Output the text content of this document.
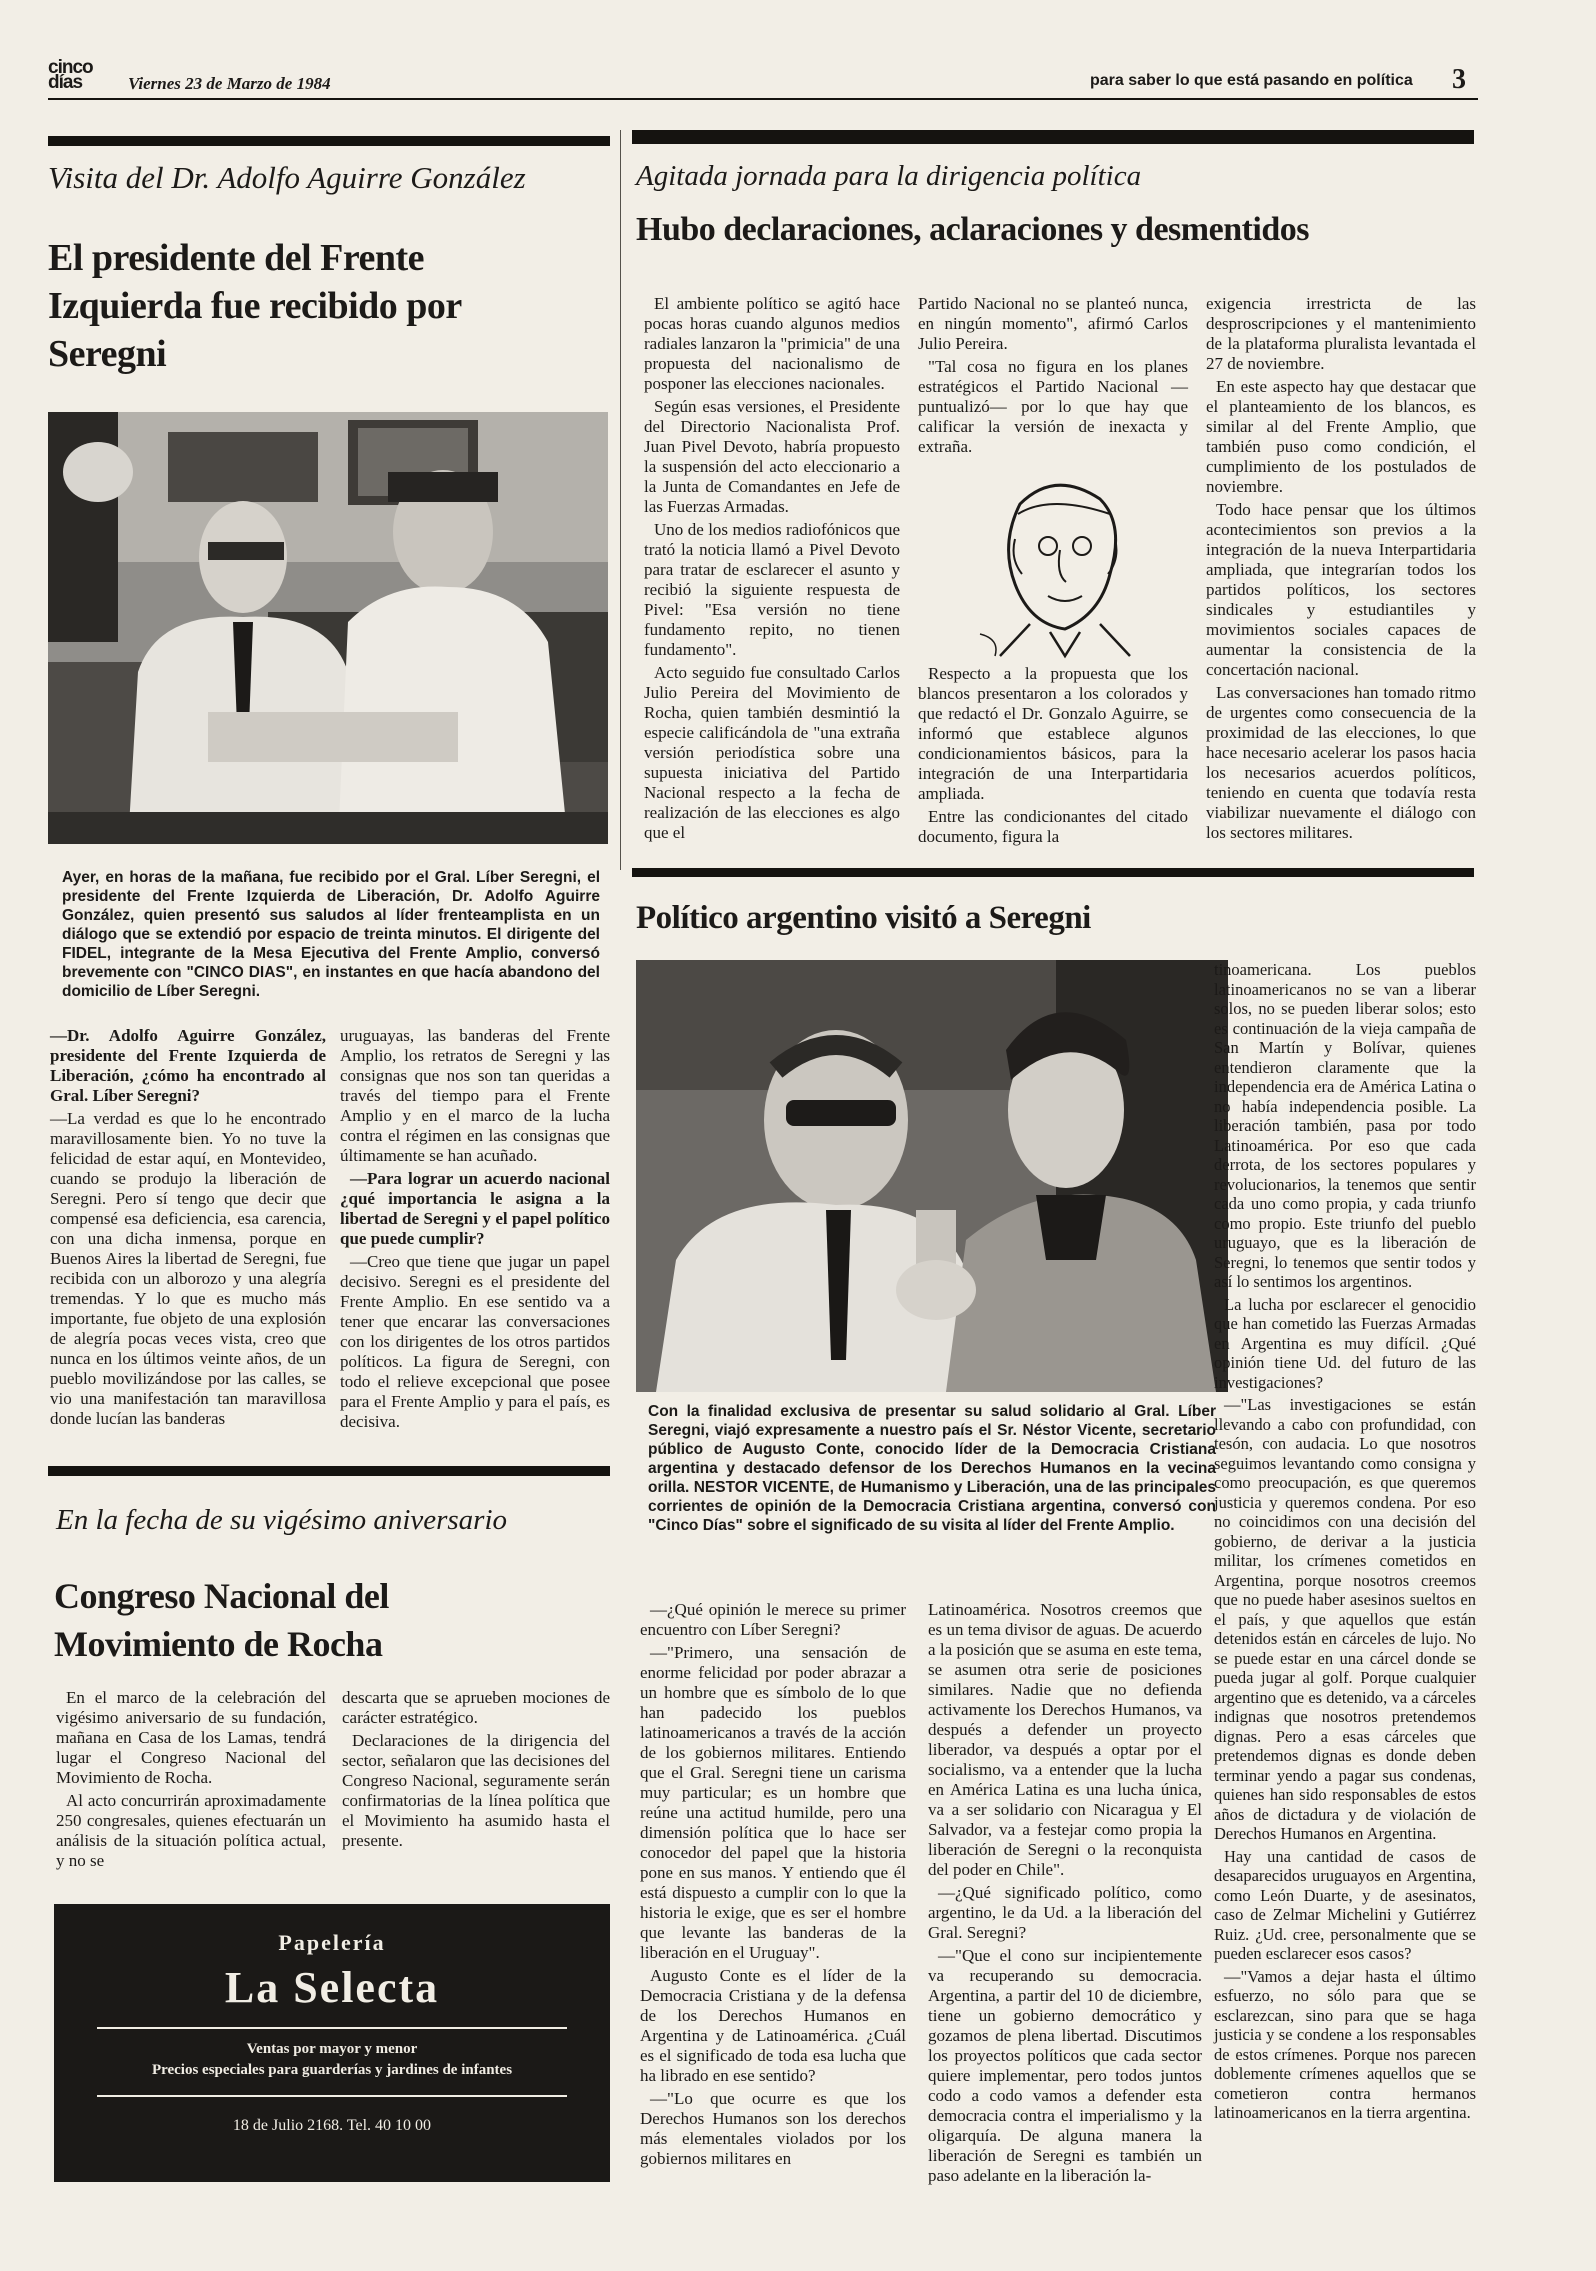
cinco
días	Viernes 23 de Marzo de 1984	para saber lo que está pasando en política 3
Visita del Dr. Adolfo Aguirre González
El presidente del Frente Izquierda fue recibido por Seregni
Ayer, en horas de la mañana, fue recibido por el Gral. Líber Seregni, el presidente del Frente Izquierda de Liberación, Dr. Adolfo Aguirre González, quien presentó sus saludos al líder frenteamplista en un diálogo que se extendió por espacio de treinta minutos. El dirigente del FIDEL, integrante de la Mesa Ejecutiva del Frente Amplio, conversó brevemente con "CINCO DIAS", en instantes en que hacía abandono del domicilio de Líber Seregni.

—Dr. Adolfo Aguirre González, presidente del Frente Izquierda de Liberación, ¿cómo ha encontrado al Gral. Líber Seregni?

—La verdad es que lo he encontrado maravillosamente bien. Yo no tuve la felicidad de estar aquí, en Montevideo, cuando se produjo la liberación de Seregni. Pero sí tengo que decir que compensé esa deficiencia, esa carencia, con una dicha inmensa, porque en Buenos Aires la libertad de Seregni, fue recibida con un alborozo y una alegría tremendas. Y lo que es mucho más importante, fue objeto de una explosión de alegría pocas veces vista, creo que nunca en los últimos veinte años, de un pueblo movilizándose por las calles, se vio una manifestación tan maravillosa donde lucían las banderas

uruguayas, las banderas del Frente Amplio, los retratos de Seregni y las consignas que nos son tan queridas a través del tiempo para el Frente Amplio y en el marco de la lucha contra el régimen en las consignas que últimamente se han acuñado.

—Para lograr un acuerdo nacional ¿qué importancia le asigna a la libertad de Seregni y el papel político que puede cumplir?

—Creo que tiene que jugar un papel decisivo. Seregni es el presidente del Frente Amplio. En ese sentido va a tener que encarar las conversaciones con los dirigentes de los otros partidos políticos. La figura de Seregni, con todo el relieve excepcional que posee para el Frente Amplio y para el país, es decisiva.

En la fecha de su vigésimo aniversario
Congreso Nacional del Movimiento de Rocha

En el marco de la celebración del vigésimo aniversario de su fundación, mañana en Casa de los Lamas, tendrá lugar el Congreso Nacional del Movimiento de Rocha.

Al acto concurrirán aproximadamente 250 congresales, quienes efectuarán un análisis de la situación política actual, y no se

descarta que se aprueben mociones de carácter estratégico.

Declaraciones de la dirigencia del sector, señalaron que las decisiones del Congreso Nacional, seguramente serán confirmatorias de la línea política que el Movimiento ha asumido hasta el presente.

Papelería
La Selecta
Ventas por mayor y menor
Precios especiales para guarderías y jardines de infantes
18 de Julio 2168. Tel. 40 10 00
Agitada jornada para la dirigencia política
Hubo declaraciones, aclaraciones y desmentidos

El ambiente político se agitó hace pocas horas cuando algunos medios radiales lanzaron la "primicia" de una propuesta del nacionalismo de posponer las elecciones nacionales.

Según esas versiones, el Presidente del Directorio Nacionalista Prof. Juan Pivel Devoto, habría propuesto la suspensión del acto eleccionario a la Junta de Comandantes en Jefe de las Fuerzas Armadas.

Uno de los medios radiofónicos que trató la noticia llamó a Pivel Devoto para tratar de esclarecer el asunto y recibió la siguiente respuesta de Pivel: "Esa versión no tiene fundamento repito, no tienen fundamento".

Acto seguido fue consultado Carlos Julio Pereira del Movimiento de Rocha, quien también desmintió la especie calificándola de "una extraña versión periodística sobre una supuesta iniciativa del Partido Nacional respecto a la fecha de realización de las elecciones es algo que el

Partido Nacional no se planteó nunca, en ningún momento", afirmó Carlos Julio Pereira.

"Tal cosa no figura en los planes estratégicos el Partido Nacional —puntualizó— por lo que hay que calificar la versión de inexacta y extraña.

Respecto a la propuesta que los blancos presentaron a los colorados y que redactó el Dr. Gonzalo Aguirre, se informó que establece algunos condicionamientos básicos, para la integración de una Interpartidaria ampliada.

Entre las condicionantes del citado documento, figura la

exigencia irrestricta de las desproscripciones y el mantenimiento de la plataforma pluralista levantada el 27 de noviembre.

En este aspecto hay que destacar que el planteamiento de los blancos, es similar al del Frente Amplio, que también puso como condición, el cumplimiento de los postulados de noviembre.

Todo hace pensar que los últimos acontecimientos son previos a la integración de la nueva Interpartidaria ampliada, que integrarían todos los partidos políticos, los sectores sindicales y estudiantiles y movimientos sociales capaces de aumentar la consistencia de la concertación nacional.

Las conversaciones han tomado ritmo de urgentes como consecuencia de la proximidad de las elecciones, lo que hace necesario acelerar los pasos hacia los necesarios acuerdos políticos, teniendo en cuenta que todavía resta viabilizar nuevamente el diálogo con los sectores militares.

Político argentino visitó a Seregni
Con la finalidad exclusiva de presentar su salud solidario al Gral. Líber Seregni, viajó expresamente a nuestro país el Sr. Néstor Vicente, secretario público de Augusto Conte, conocido líder de la Democracia Cristiana argentina y destacado defensor de los Derechos Humanos en la vecina orilla. NESTOR VICENTE, de Humanismo y Liberación, una de las principales corrientes de opinión de la Democracia Cristiana argentina, conversó con "Cinco Días" sobre el significado de su visita al líder del Frente Amplio.

—¿Qué opinión le merece su primer encuentro con Líber Seregni?

—"Primero, una sensación de enorme felicidad por poder abrazar a un hombre que es símbolo de lo que han padecido los pueblos latinoamericanos a través de la acción de los gobiernos militares. Entiendo que el Gral. Seregni tiene un carisma muy particular; es un hombre que reúne una actitud humilde, pero una dimensión política que lo hace ser conocedor del papel que la historia pone en sus manos. Y entiendo que él está dispuesto a cumplir con lo que la historia le exige, que es ser el hombre que levante las banderas de la liberación en el Uruguay".

Augusto Conte es el líder de la Democracia Cristiana y de la defensa de los Derechos Humanos en Argentina y de Latinoamérica. ¿Cuál es el significado de toda esa lucha que ha librado en ese sentido?

—"Lo que ocurre es que los Derechos Humanos son los derechos más elementales violados por los gobiernos militares en

Latinoamérica. Nosotros creemos que es un tema divisor de aguas. De acuerdo a la posición que se asuma en este tema, se asumen otra serie de posiciones similares. Nadie que no defienda activamente los Derechos Humanos, va después a defender un proyecto liberador, va después a optar por el socialismo, va a entender que la lucha en América Latina es una lucha única, va a ser solidario con Nicaragua y El Salvador, va a festejar como propia la liberación de Seregni o la reconquista del poder en Chile".

—¿Qué significado político, como argentino, le da Ud. a la liberación del Gral. Seregni?

—"Que el cono sur incipientemente va recuperando su democracia. Argentina, a partir del 10 de diciembre, tiene un gobierno democrático y gozamos de plena libertad. Discutimos los proyectos políticos que cada sector quiere implementar, pero todos juntos codo a codo vamos a defender esta democracia contra el imperialismo y la oligarquía. De alguna manera la liberación de Seregni es también un paso adelante en la liberación la-

tinoamericana. Los pueblos latinoamericanos no se van a liberar solos, no se pueden liberar solos; esto es continuación de la vieja campaña de San Martín y Bolívar, quienes entendieron claramente que la independencia era de América Latina o no había independencia posible. La liberación también, pasa por todo Latinoamérica. Por eso que cada derrota, de los sectores populares y revolucionarios, la tenemos que sentir cada uno como propia, y cada triunfo como propio. Este triunfo del pueblo uruguayo, que es la liberación de Seregni, lo tenemos que sentir todos y así lo sentimos los argentinos.

La lucha por esclarecer el genocidio que han cometido las Fuerzas Armadas en Argentina es muy difícil. ¿Qué opinión tiene Ud. del futuro de las investigaciones?

—"Las investigaciones se están llevando a cabo con profundidad, con tesón, con audacia. Lo que nosotros seguimos levantando como consigna y como preocupación, es que queremos justicia y queremos condena. Por eso no coincidimos con una decisión del gobierno, de derivar a la justicia militar, los crímenes cometidos en Argentina, porque nosotros creemos que no puede haber asesinos sueltos en el país, y que aquellos que están detenidos están en cárceles de lujo. No se puede estar en una cárcel donde se pueda jugar al golf. Porque cualquier argentino que es detenido, va a cárceles indignas que nosotros pretendemos dignas. Pero a esas cárceles que pretendemos dignas es donde deben terminar yendo a pagar sus condenas, quienes han sido responsables de estos años de dictadura y de violación de Derechos Humanos en Argentina.

Hay una cantidad de casos de desaparecidos uruguayos en Argentina, como León Duarte, y de asesinatos, caso de Zelmar Michelini y Gutiérrez Ruiz. ¿Ud. cree, personalmente que se pueden esclarecer esos casos?

—"Vamos a dejar hasta el último esfuerzo, no sólo para que se esclarezcan, sino para que se haga justicia y se condene a los responsables de estos crímenes. Porque nos parecen doblemente crímenes aquellos que se cometieron contra hermanos latinoamericanos en la tierra argentina.
